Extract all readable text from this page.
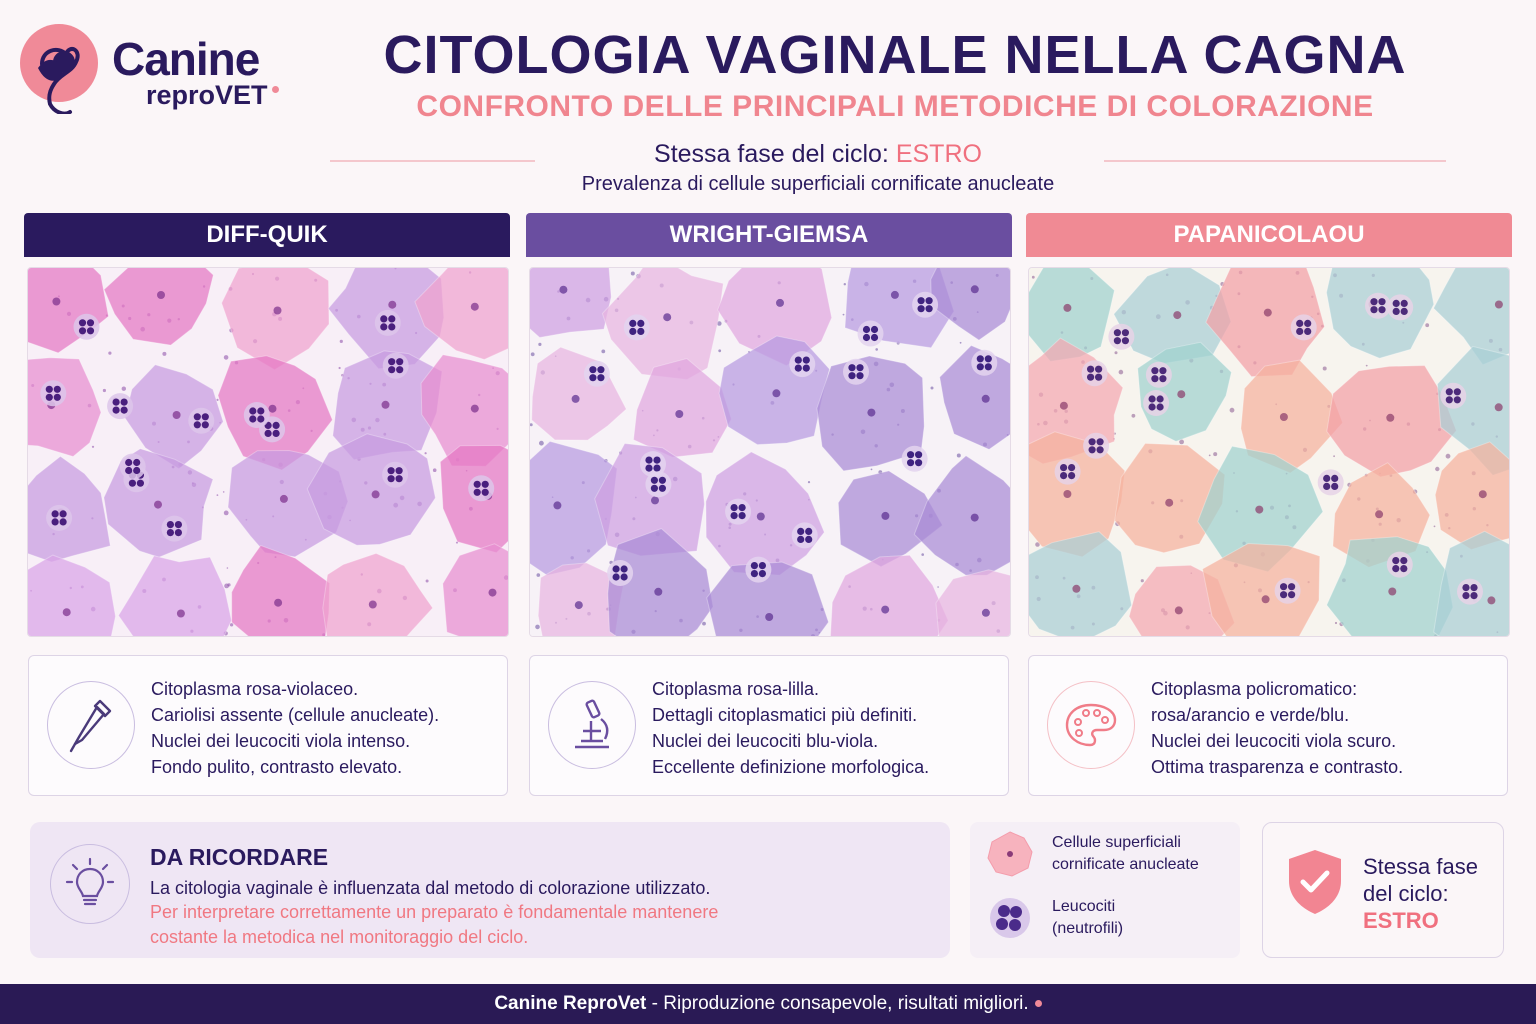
Canine
reproVET
CITOLOGIA VAGINALE NELLA CAGNA
CONFRONTO DELLE PRINCIPALI METODICHE DI COLORAZIONE
Stessa fase del ciclo: ESTRO
Prevalenza di cellule superficiali cornificate anucleate
DIFF-QUIK	WRIGHT-GIEMSA	PAPANICOLAOU
Citoplasma rosa-violaceo.
Cariolisi assente (cellule anucleate).
Nuclei dei leucociti viola intenso.
Fondo pulito, contrasto elevato.
Citoplasma rosa-lilla.
Dettagli citoplasmatici più definiti.
Nuclei dei leucociti blu-viola.
Eccellente definizione morfologica.
Citoplasma policromatico:
rosa/arancio e verde/blu.
Nuclei dei leucociti viola scuro.
Ottima trasparenza e contrasto.
DA RICORDARE
La citologia vaginale è influenzata dal metodo di colorazione utilizzato.
Per interpretare correttamente un preparato è fondamentale mantenere
costante la metodica nel monitoraggio del ciclo.
Cellule superficiali
cornificate anucleate
Leucociti
(neutrofili)
Stessa fase
del ciclo:
ESTRO
Canine ReproVet - Riproduzione consapevole, risultati migliori.
